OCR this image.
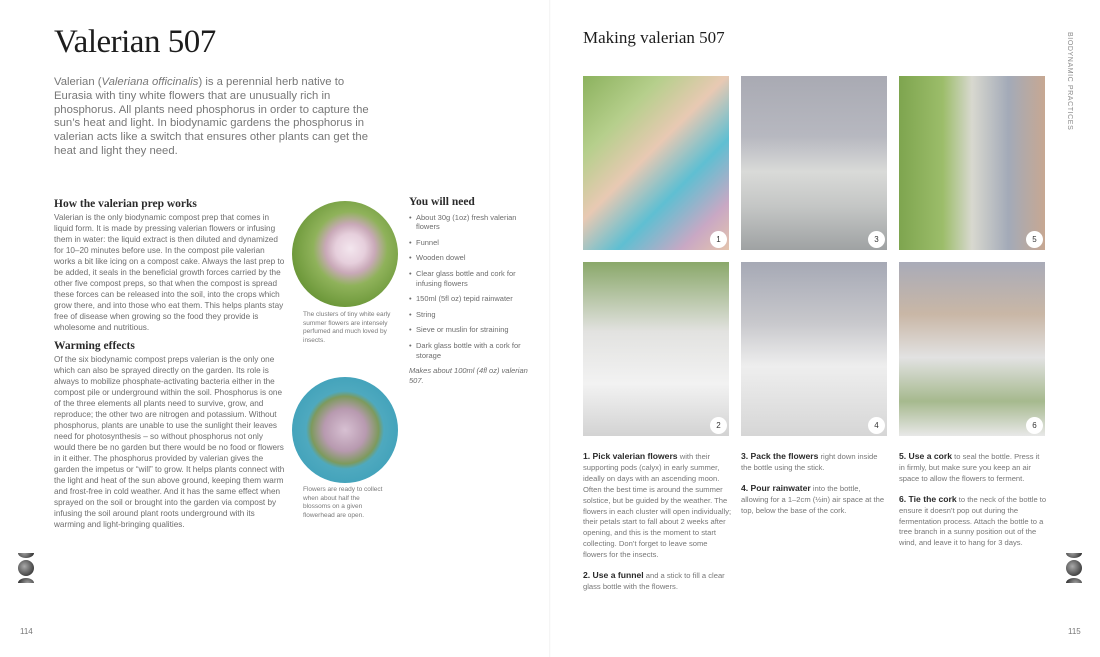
Valerian 507
Valerian (Valeriana officinalis) is a perennial herb native to Eurasia with tiny white flowers that are unusually rich in phosphorus. All plants need phosphorus in order to capture the sun’s heat and light. In biodynamic gardens the phosphorus in valerian acts like a switch that ensures other plants can get the heat and light they need.
How the valerian prep works

Valerian is the only biodynamic compost prep that comes in liquid form. It is made by pressing valerian flowers or infusing them in water: the liquid extract is then diluted and dynamized for 10–20 minutes before use. In the compost pile valerian works a bit like icing on a compost cake. Always the last prep to be added, it seals in the beneficial growth forces carried by the other five compost preps, so that when the compost is spread these forces can be released into the soil, into the crops which grow there, and into those who eat them. This helps plants stay free of disease when growing so the food they provide is wholesome and nutritious.

Warming effects

Of the six biodynamic compost preps valerian is the only one which can also be sprayed directly on the garden. Its role is always to mobilize phosphate-activating bacteria either in the compost pile or underground within the soil. Phosphorus is one of the three elements all plants need to survive, grow, and reproduce; the other two are nitrogen and potassium. Without phosphorus, plants are unable to use the sunlight their leaves need for photosynthesis – so without phosphorus not only would there be no garden but there would be no food or flowers in it either. The phosphorus provided by valerian gives the garden the impetus or “will” to grow. It helps plants connect with the light and heat of the sun above ground, keeping them warm and frost-free in cold weather. And it has the same effect when sprayed on the soil or brought into the garden via compost by infusing the soil around plant roots underground with its warming and light-bringing qualities.

The clusters of tiny white early summer flowers are intensely perfumed and much loved by insects.
Flowers are ready to collect when about half the blossoms on a given flowerhead are open.
You will need
• About 30g (1oz) fresh valerian flowers
• Funnel
• Wooden dowel
• Clear glass bottle and cork for infusing flowers
• 150ml (5fl oz) tepid rainwater
• String
• Sieve or muslin for straining
• Dark glass bottle with a cork for storage
Makes about 100ml (4fl oz) valerian 507.
114
Making valerian 507	BIODYNAMIC PRACTICES
1	3	5
2	4	6

1. Pick valerian flowers with their supporting pods (calyx) in early summer, ideally on days with an ascending moon. Often the best time is around the summer solstice, but be guided by the weather. The flowers in each cluster will open individually; their petals start to fall about 2 weeks after opening, and this is the moment to start collecting. Don’t forget to leave some flowers for the insects.

2. Use a funnel and a stick to fill a clear glass bottle with the flowers.

3. Pack the flowers right down inside the bottle using the stick.

4. Pour rainwater into the bottle, allowing for a 1–2cm (½in) air space at the top, below the base of the cork.

5. Use a cork to seal the bottle. Press it in firmly, but make sure you keep an air space to allow the flowers to ferment.

6. Tie the cork to the neck of the bottle to ensure it doesn’t pop out during the fermentation process. Attach the bottle to a tree branch in a sunny position out of the wind, and leave it to hang for 3 days.

115
